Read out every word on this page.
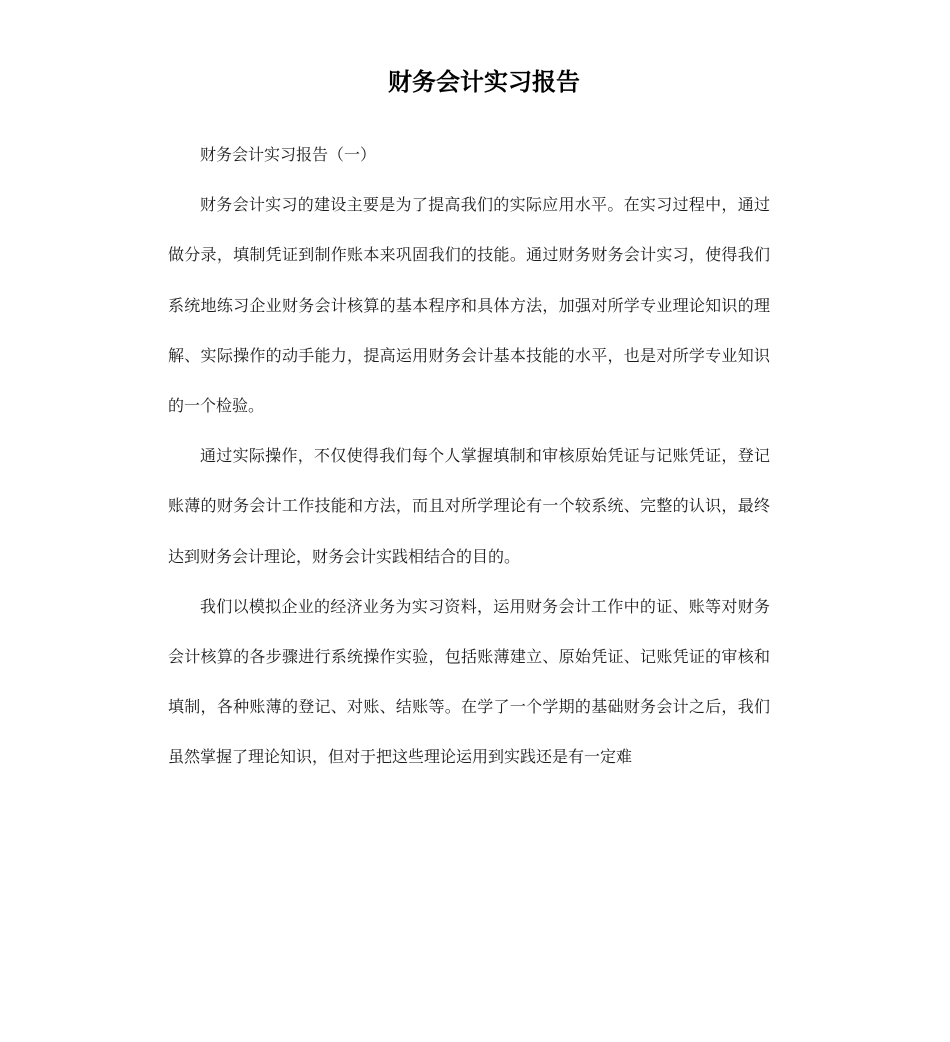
财务会计实习报告

财务会计实习报告（一）

财务会计实习的建设主要是为了提高我们的实际应用水平。在实习过程中，通过做分录，填制凭证到制作账本来巩固我们的技能。通过财务财务会计实习，使得我们系统地练习企业财务会计核算的基本程序和具体方法，加强对所学专业理论知识的理解、实际操作的动手能力，提高运用财务会计基本技能的水平，也是对所学专业知识的一个检验。

通过实际操作，不仅使得我们每个人掌握填制和审核原始凭证与记账凭证，登记账薄的财务会计工作技能和方法，而且对所学理论有一个较系统、完整的认识，最终达到财务会计理论，财务会计实践相结合的目的。

我们以模拟企业的经济业务为实习资料，运用财务会计工作中的证、账等对财务会计核算的各步骤进行系统操作实验，包括账薄建立、原始凭证、记账凭证的审核和填制，各种账薄的登记、对账、结账等。在学了一个学期的基础财务会计之后，我们虽然掌握了理论知识，但对于把这些理论运用到实践还是有一定难
